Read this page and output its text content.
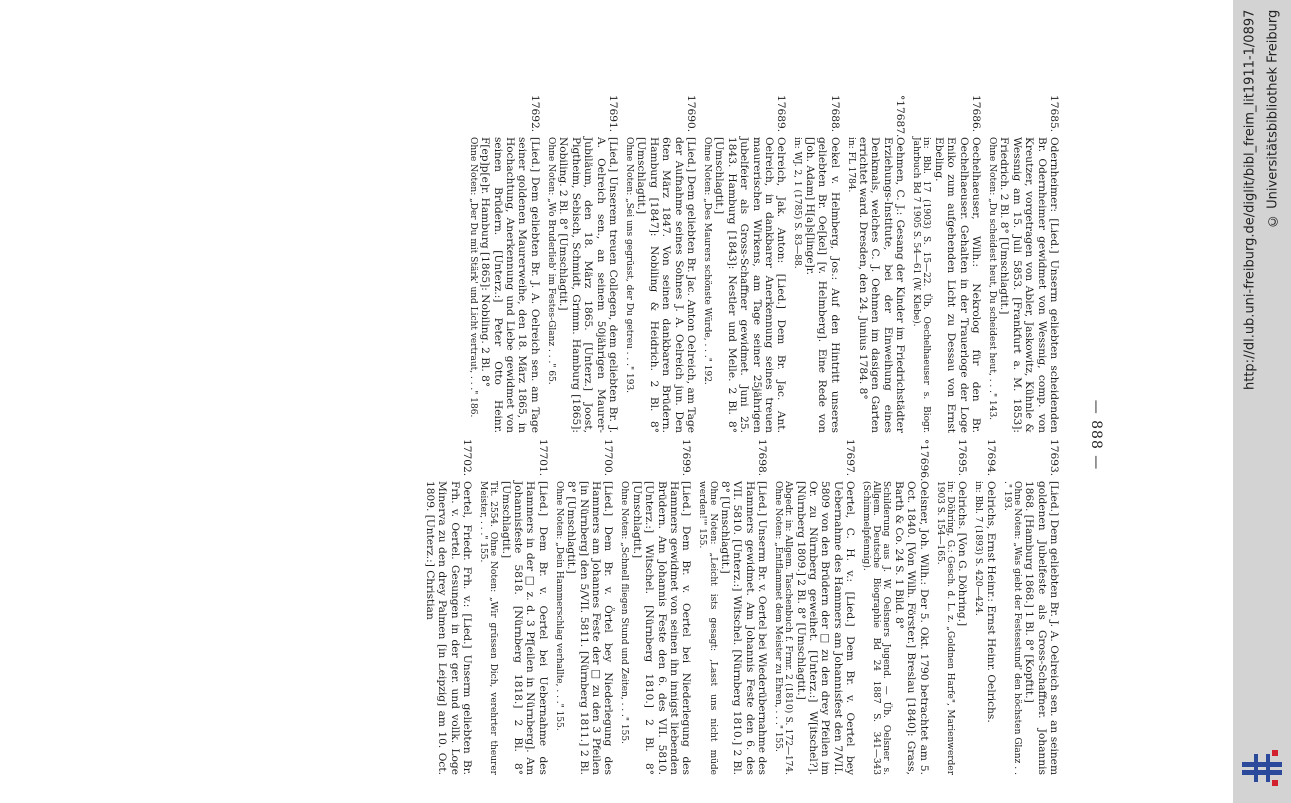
— 888 —
17685.
Odernheimer: [Lied.] Unserm geliebten scheidenden Br. Odernheimer gewidmet von Wessnig, comp. von Kreutzer, vorgetragen von Abler, Jaskowitz, Kühnle & Wessnig am 15. Juli 5853. [Frankfurt a. M. 1853]: Friedrich. 2 Bl. 8° [Umschlagtit.]
Ohne Noten: „Du scheidest heut, Du scheidest heut, . . ." 143.
17686.
Oechelhaeuser, Wilh.: Nekrolog für den Br. Oechelhaeuser. Gehalten in der Trauerloge der Loge Eniko zum aufgehenden Licht zu Dessau von Ernst Ebeling.
in: Bbl. 17 (1903) S. 15—22. Üb. Oechelhaeuser s. Biogr. Jahrbuch Bd 7 1905 S. 54—61 (W. Klebe).
°17687.
Oehmen, C. J.: Gesang der Kinder im Friedrichstädter Erziehungs-Institute, bei der Einweihung eines Denkmals, welches C. J. Oehmen im dasigen Garten errichtet ward. Dresden, den 24. Junius 1784. 8°
in: FL 1784.
17688.
Oekel v. Helmberg, Jos.: Auf den Hintritt unseres geliebten Br. Oe[kel] [v. Helmberg]. Eine Rede von [Joh. Adam] H[a]s[linge]r.
in: WJ. 2, 1 (1785) S. 83—88.
17689.
Oelreich, Jak. Anton: [Lied.] Dem Br. Jac. Ant. Oelreich, in dankbarer Anerkennung seines treuen maurerischen Wirkens, am Tage seiner 25jährigen Jubelfeier als Gross-Schaffner gewidmet. Juni 25. 1843. Hamburg [1843]: Nestler und Melle. 2 Bl. 8° [Umschlagtit.]
Ohne Noten: „Des Maurers schönste Würde, . . ." 192.
17690.
[Lied.] Dem geliebten Br. Jac. Anton Oelreich, am Tage der Aufnahme seines Sohnes J. A. Oelreich jun. Den 6ten März 1847. Von seinen dankbaren Brüdern. Hamburg [1847]: Nobiling & Heidrich. 2 Bl. 8° [Umschlagtit.]
Ohne Noten: „Sei uns gegrüsst, der Du getreu . . ." 193.
17691.
[Lied.] Unserem treuen Collegen, dem geliebten Br. J. A. Oelreich sen., an seinem 50jährigen Maurer-Jubiläum, den 18. März 1865. [Unterz.] Joost, Pigtheim, Sebisch, Schmidt, Grimm. Hamburg [1865]: Nobiling. 2 Bl. 8° [Umschlagtit.]
Ohne Noten: „Wo Bruderlieb' im Festes-Glanz . . ." 65.
17692.
[Lied.] Dem geliebten Br. J. A. Oelreich sen. am Tage seiner goldenen Maurerweihe, den 18. März 1865, in Hochachtung, Anerkennung und Liebe gewidmet von seinen Brüdern. [Unterz.:] Peter Otto Heinr. F[ep]p[e]r. Hamburg [1865]: Nobiling. 2 Bl. 8°
Ohne Noten: „Der Du mit Stärk' und Licht vertraut, . . ." 186.
17693.
[Lied.] Dem geliebten Br. J. A. Oelreich sen. an seinem goldenen Jubelfeste als Gross-Schaffner. Johannis 1868. [Hamburg 1868.] 1 Bl. 8° [Kopftit.]
Ohne Noten: „Was giebt der Festesstund' den höchsten Glanz . . ." 193.
17694.
Oelrichs, Ernst Heinr.: Ernst Heinr. Oelrichs.
in: Bbl. 7 (1893) S. 420—424.
17695.
Oelrichs. [Von G. Döhring.]
in: Döhring, G.: Gesch. d. L. z. „Goldnen Harfe", Marienwerder 1903 S. 154—165.
°17696.
Oelsner, Joh. Wilh.: Der 5. Okt. 1790 betrachtet am 5. Oct. 1840. [Von Wilh. Förster.] Breslau [1840]: Grass, Barth & Co. 24 S. 1 Bild. 8°
Schilderung aus J. W. Oelsners Jugend. — Üb. Oelsner s. Allgem. Deutsche Biographie Bd 24 1887 S. 341—343 (Schimmelpfennig).
17697.
Oertel, C. H. v.: [Lied.] Dem Br. v. Oertel bey Uebernahme des Hammers am Johannisfest den 7/VII. 5809 von den Brüdern der □ zu den drey Pfeilen im Or. zu Nürnberg geweihet. [Unterz.:] W[itschel?]. [Nürnberg 1809.] 2 Bl. 8° [Umschlagtit.]
Abgedr. in: Allgem. Taschenbuch f. Frmr. 2 (1810) S. 172—174. Ohne Noten: „Entflammet dem Meister zu Ehren, . . ." 155.
17698.
[Lied.] Unserm Br. v. Oertel bei Wiederübernahme des Hammers gewidmet. Am Johannis Feste den 6. des VII. 5810. [Unterz.:] Witschel. [Nürnberg 1810.] 2 Bl. 8° [Umschlagtit.]
Ohne Noten: „Leicht ists gesagt: ‚Lasst uns nicht müde werden!'" 155.
17699.
[Lied.] Dem Br. v. Oertel bei Niederlegung des Hammers gewidmet von seinen ihn innigst liebenden Brüdern. Am Johannis Feste den 6. des VII. 5810. [Unterz.:] Witschel. [Nürnberg 1810.] 2 Bl. 8° [Umschlagtit.]
Ohne Noten: „Schnell fliegen Stund und Zeiten, . . ." 155.
17700.
[Lied.] Dem Br. v. Örtel bey Niederlegung des Hammers am Johannes Feste der □ zu den 3 Pfeilen [in Nürnberg] den 5/VII. 5811. [Nürnberg 1811.] 2 Bl. 8° [Umschlagtit.]
Ohne Noten: „Dein Hammerschlag verhallte, . . ." 155.
17701.
[Lied.] Dem Br. v. Oertel bei Uebernahme des Hammers in der □ z. d. 3 Pf[eilen in Nürnberg]. Am Johannisfeste 5818. [Nürnberg 1818.] 2 Bl. 8° [Umschlagtit.]
Tit. 2554. Ohne Noten: „Wir grüssen Dich, verehrter theurer Meister, . . ." 155.
17702.
Oertel, Friedr. Frh. v.: [Lied.] Unserm geliebten Br. Frh. v. Oertel. Gesungen in der ger. und vollk. Loge Minerva zu den drey Palmen [in Leipzig] am 10. Oct. 1809. [Unterz.:] Christian
http://dl.ub.uni-freiburg.de/diglit/bibl_freim_lit1911-1/0897 © Universitätsbibliothek Freiburg
